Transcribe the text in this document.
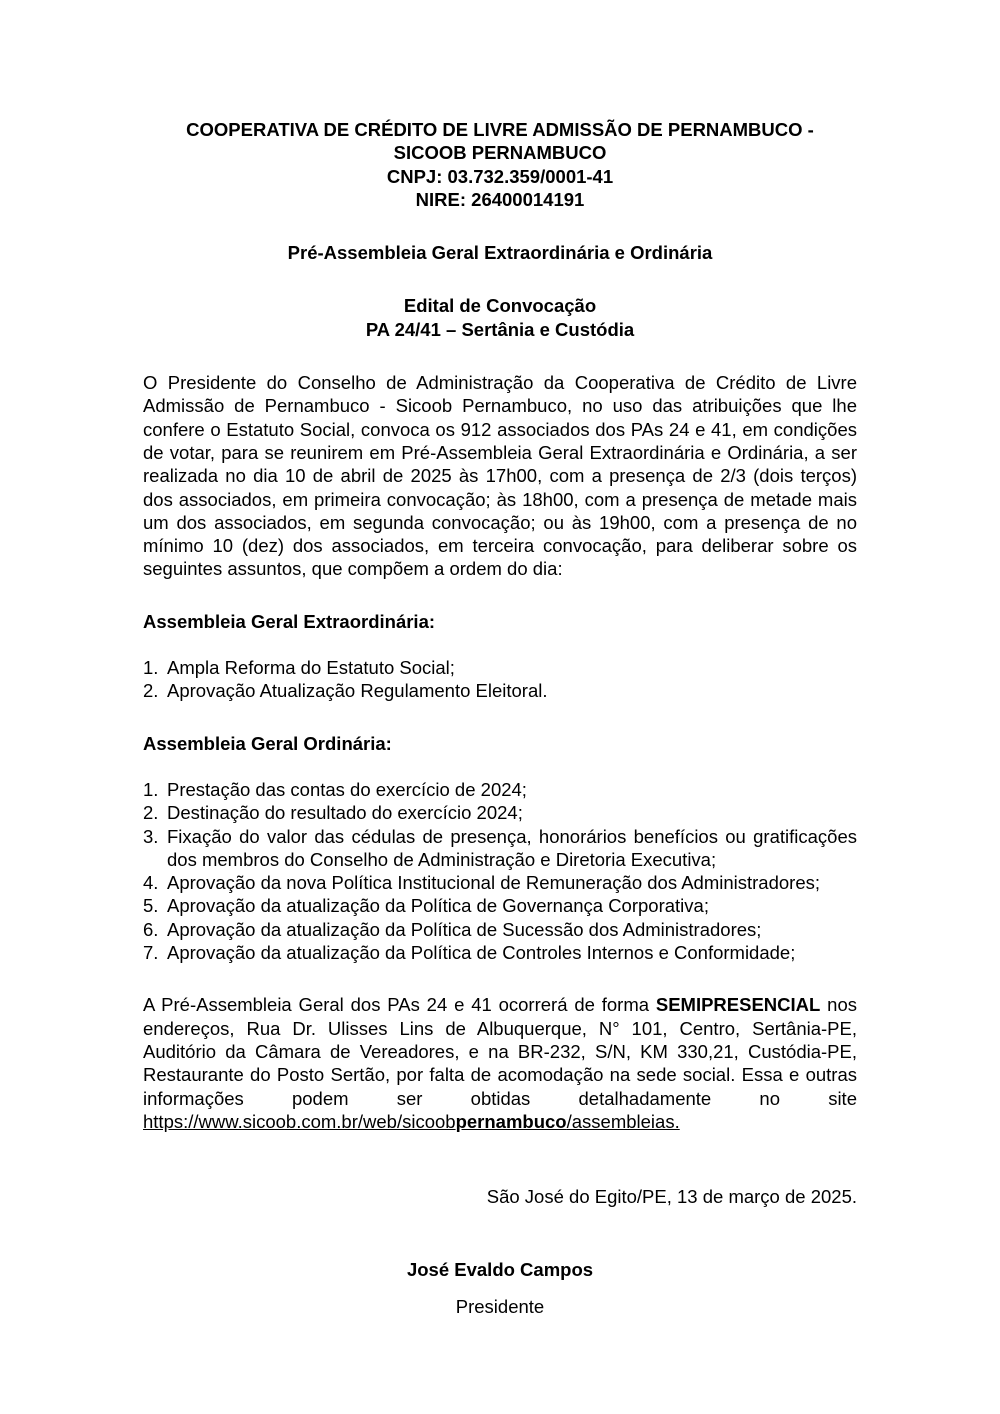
COOPERATIVA DE CRÉDITO DE LIVRE ADMISSÃO DE PERNAMBUCO -
SICOOB PERNAMBUCO
CNPJ: 03.732.359/0001-41
NIRE: 26400014191
Pré-Assembleia Geral Extraordinária e Ordinária
Edital de Convocação
PA 24/41 – Sertânia e Custódia
O Presidente do Conselho de Administração da Cooperativa de Crédito de Livre Admissão de Pernambuco - Sicoob Pernambuco, no uso das atribuições que lhe confere o Estatuto Social, convoca os 912 associados dos PAs 24 e 41, em condições de votar, para se reunirem em Pré-Assembleia Geral Extraordinária e Ordinária, a ser realizada no dia 10 de abril de 2025 às 17h00, com a presença de 2/3 (dois terços) dos associados, em primeira convocação; às 18h00, com a presença de metade mais um dos associados, em segunda convocação; ou às 19h00, com a presença de no mínimo 10 (dez) dos associados, em terceira convocação, para deliberar sobre os seguintes assuntos, que compõem a ordem do dia:
Assembleia Geral Extraordinária:
1. Ampla Reforma do Estatuto Social;
2. Aprovação Atualização Regulamento Eleitoral.
Assembleia Geral Ordinária:
1. Prestação das contas do exercício de 2024;
2. Destinação do resultado do exercício 2024;
3. Fixação do valor das cédulas de presença, honorários benefícios ou gratificações dos membros do Conselho de Administração e Diretoria Executiva;
4. Aprovação da nova Política Institucional de Remuneração dos Administradores;
5. Aprovação da atualização da Política de Governança Corporativa;
6. Aprovação da atualização da Política de Sucessão dos Administradores;
7. Aprovação da atualização da Política de Controles Internos e Conformidade;
A Pré-Assembleia Geral dos PAs 24 e 41 ocorrerá de forma SEMIPRESENCIAL nos endereços, Rua Dr. Ulisses Lins de Albuquerque, N° 101, Centro, Sertânia-PE, Auditório da Câmara de Vereadores, e na BR-232, S/N, KM 330,21, Custódia-PE, Restaurante do Posto Sertão, por falta de acomodação na sede social. Essa e outras informações podem ser obtidas detalhadamente no site https://www.sicoob.com.br/web/sicoobpernambuco/assembleias.
São José do Egito/PE, 13 de março de 2025.
José Evaldo Campos
Presidente
